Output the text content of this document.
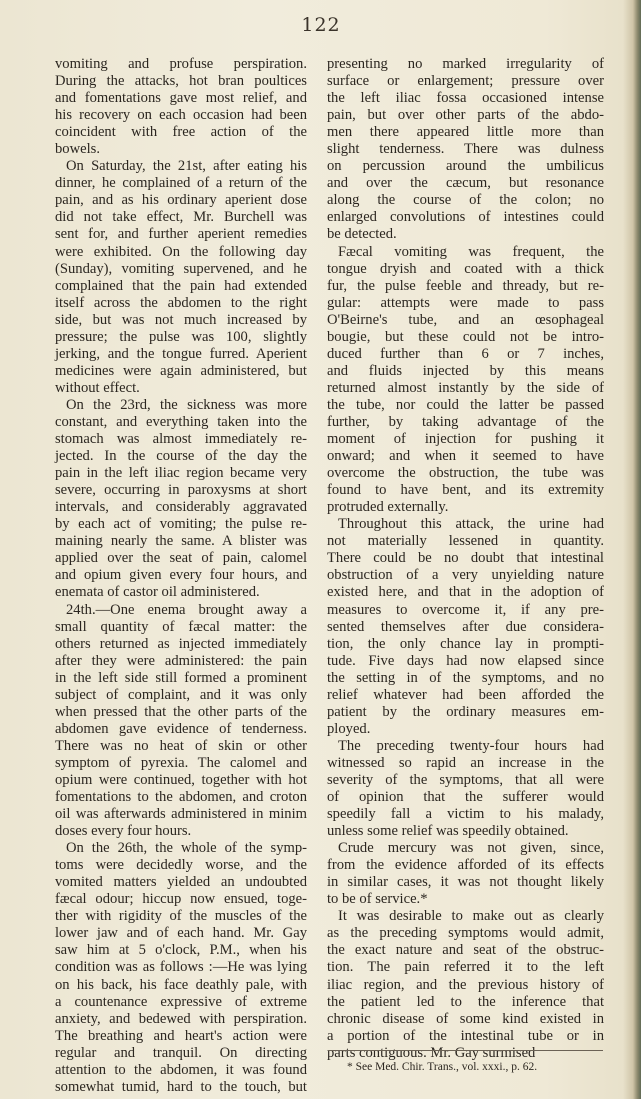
122
vomiting and profuse perspiration.
During the attacks, hot bran poultices
and fomentations gave most relief, and
his recovery on each occasion had been
coincident with free action of the
bowels.
On Saturday, the 21st, after eating his
dinner, he complained of a return of the
pain, and as his ordinary aperient dose
did not take effect, Mr. Burchell was
sent for, and further aperient remedies
were exhibited. On the following day
(Sunday), vomiting supervened, and he
complained that the pain had extended
itself across the abdomen to the right
side, but was not much increased by
pressure; the pulse was 100, slightly
jerking, and the tongue furred. Aperient
medicines were again administered, but
without effect.
On the 23rd, the sickness was more
constant, and everything taken into the
stomach was almost immediately re-
jected. In the course of the day the
pain in the left iliac region became very
severe, occurring in paroxysms at short
intervals, and considerably aggravated
by each act of vomiting; the pulse re-
maining nearly the same. A blister was
applied over the seat of pain, calomel
and opium given every four hours, and
enemata of castor oil administered.
24th.—One enema brought away a
small quantity of fæcal matter: the
others returned as injected immediately
after they were administered: the pain
in the left side still formed a prominent
subject of complaint, and it was only
when pressed that the other parts of the
abdomen gave evidence of tenderness.
There was no heat of skin or other
symptom of pyrexia. The calomel and
opium were continued, together with hot
fomentations to the abdomen, and croton
oil was afterwards administered in minim
doses every four hours.
On the 26th, the whole of the symp-
toms were decidedly worse, and the
vomited matters yielded an undoubted
fæcal odour; hiccup now ensued, toge-
ther with rigidity of the muscles of the
lower jaw and of each hand. Mr. Gay
saw him at 5 o'clock, P.M., when his
condition was as follows :—He was lying
on his back, his face deathly pale, with
a countenance expressive of extreme
anxiety, and bedewed with perspiration.
The breathing and heart's action were
regular and tranquil. On directing
attention to the abdomen, it was found
somewhat tumid, hard to the touch, but
presenting no marked irregularity of
surface or enlargement; pressure over
the left iliac fossa occasioned intense
pain, but over other parts of the abdo-
men there appeared little more than
slight tenderness. There was dulness
on percussion around the umbilicus
and over the cæcum, but resonance
along the course of the colon; no
enlarged convolutions of intestines could
be detected.
Fæcal vomiting was frequent, the
tongue dryish and coated with a thick
fur, the pulse feeble and thready, but re-
gular: attempts were made to pass
O'Beirne's tube, and an œsophageal
bougie, but these could not be intro-
duced further than 6 or 7 inches,
and fluids injected by this means
returned almost instantly by the side of
the tube, nor could the latter be passed
further, by taking advantage of the
moment of injection for pushing it
onward; and when it seemed to have
overcome the obstruction, the tube was
found to have bent, and its extremity
protruded externally.
Throughout this attack, the urine had
not materially lessened in quantity.
There could be no doubt that intestinal
obstruction of a very unyielding nature
existed here, and that in the adoption of
measures to overcome it, if any pre-
sented themselves after due considera-
tion, the only chance lay in prompti-
tude. Five days had now elapsed since
the setting in of the symptoms, and no
relief whatever had been afforded the
patient by the ordinary measures em-
ployed.
The preceding twenty-four hours had
witnessed so rapid an increase in the
severity of the symptoms, that all were
of opinion that the sufferer would
speedily fall a victim to his malady,
unless some relief was speedily obtained.
Crude mercury was not given, since,
from the evidence afforded of its effects
in similar cases, it was not thought likely
to be of service.*
It was desirable to make out as clearly
as the preceding symptoms would admit,
the exact nature and seat of the obstruc-
tion. The pain referred it to the left
iliac region, and the previous history of
the patient led to the inference that
chronic disease of some kind existed in
a portion of the intestinal tube or in
parts contiguous. Mr. Gay surmised
* See Med. Chir. Trans., vol. xxxi., p. 62.
